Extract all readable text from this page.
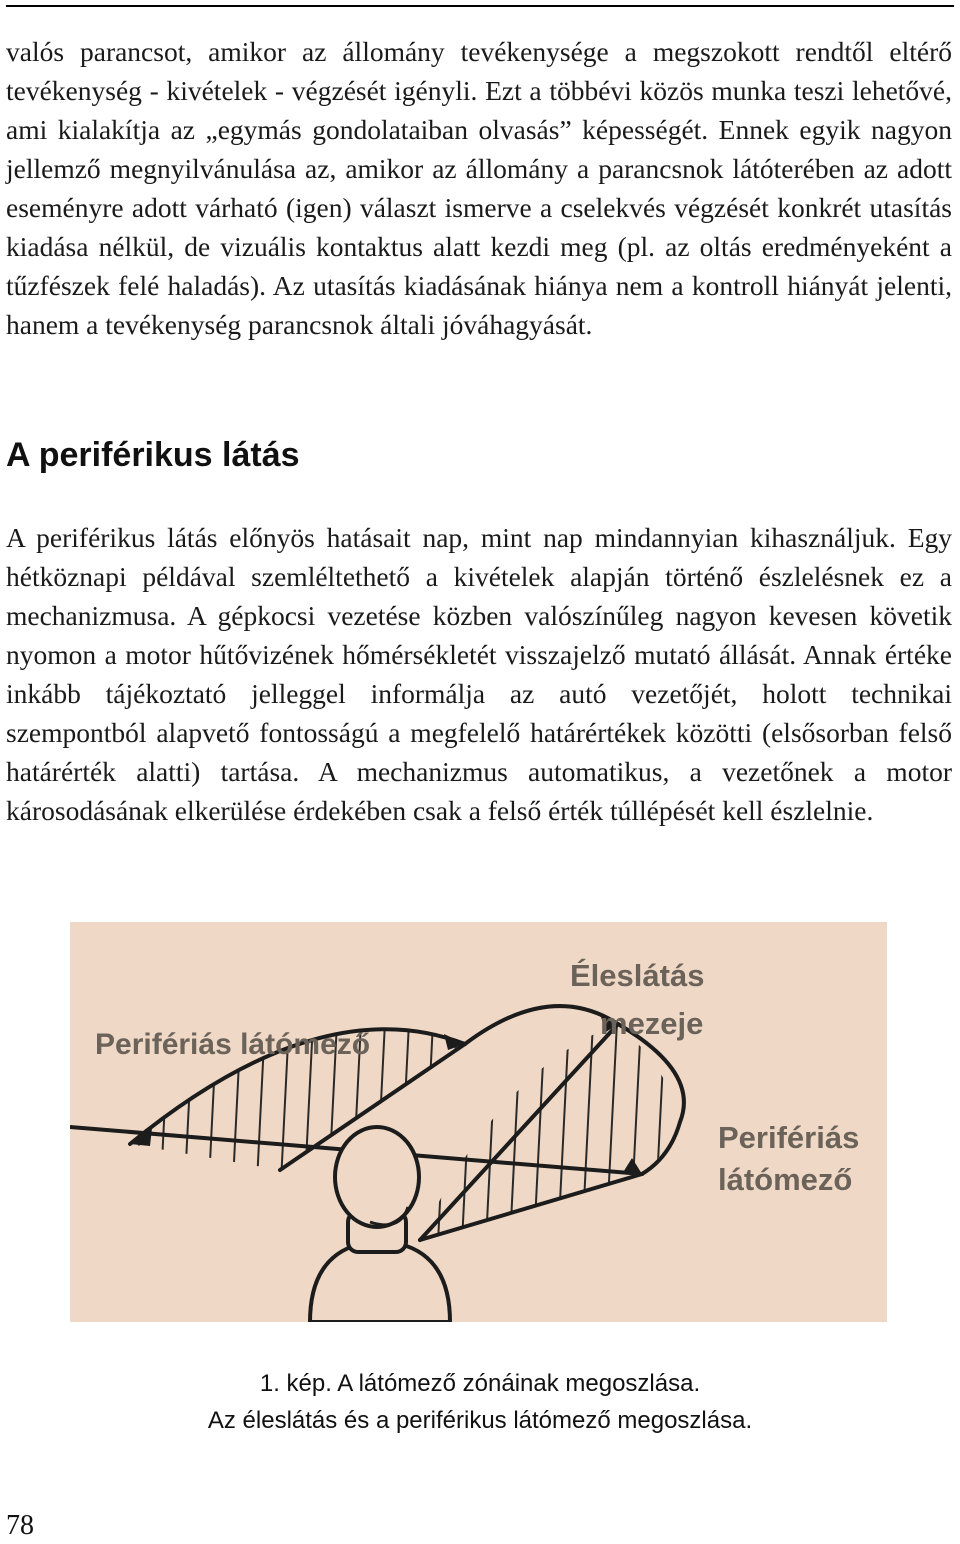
valós parancsot, amikor az állomány tevékenysége a megszokott rendtől eltérő tevékenység - kivételek - végzését igényli. Ezt a többévi közös munka teszi lehetővé, ami kialakítja az „egymás gondolataiban olvasás” képességét. Ennek egyik nagyon jellemző megnyilvánulása az, amikor az állomány a parancsnok látóterében az adott eseményre adott várható (igen) választ ismerve a cselekvés végzését konkrét utasítás kiadása nélkül, de vizuális kontaktus alatt kezdi meg (pl. az oltás eredményeként a tűzfészek felé haladás). Az utasítás kiadásának hiánya nem a kontroll hiányát jelenti, hanem a tevékenység parancsnok általi jóváhagyását.

A periférikus látás

A periférikus látás előnyös hatásait nap, mint nap mindannyian kihasználjuk. Egy hétköznapi példával szemléltethető a kivételek alapján történő észlelésnek ez a mechanizmusa. A gépkocsi vezetése közben valószínűleg nagyon kevesen követik nyomon a motor hűtővizének hőmérsékletét visszajelző mutató állását. Annak értéke inkább tájékoztató jelleggel informálja az autó vezetőjét, holott technikai szempontból alapvető fontosságú a megfelelő határértékek közötti (elsősorban felső határérték alatti) tartása. A mechanizmus automatikus, a vezetőnek a motor károsodásának elkerülése érdekében csak a felső érték túllépését kell észlelnie.

Perifériás látómező
Éleslátás
mezeje
Perifériás
látómező

1. kép. A látómező zónáinak megoszlása.

Az éleslátás és a periférikus látómező megoszlása.

78
